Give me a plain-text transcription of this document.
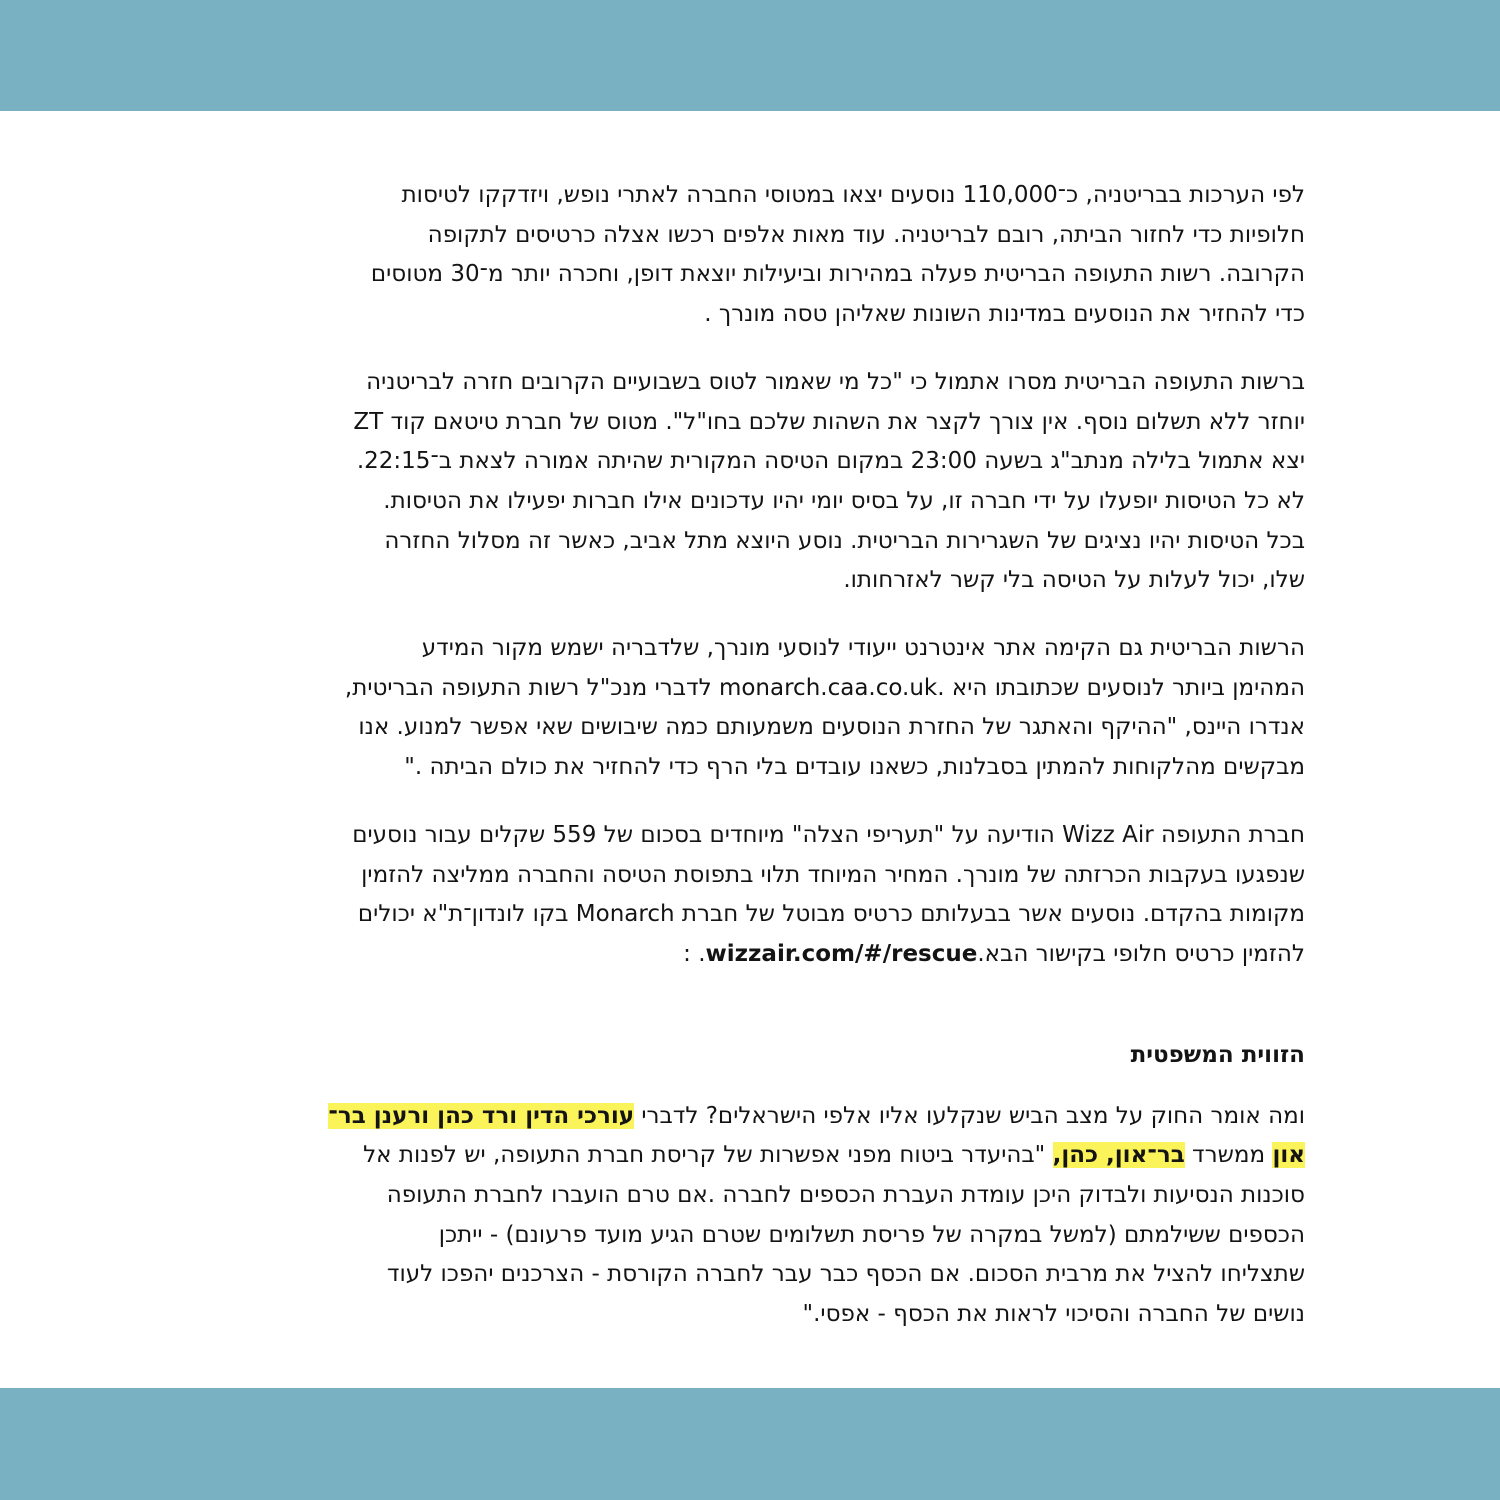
לפי הערכות בבריטניה, כ־110,000 נוסעים יצאו במטוסי החברה לאתרי נופש, ויזדקקו לטיסות
חלופיות כדי לחזור הביתה, רובם לבריטניה. עוד מאות אלפים רכשו אצלה כרטיסים לתקופה
הקרובה. רשות התעופה הבריטית פעלה במהירות וביעילות יוצאת דופן, וחכרה יותר מ־30 מטוסים
כדי להחזיר את הנוסעים במדינות השונות שאליהן טסה מונרך .

ברשות התעופה הבריטית מסרו אתמול כי "כל מי שאמור לטוס בשבועיים הקרובים חזרה לבריטניה
יוחזר ללא תשלום נוסף. אין צורך לקצר את השהות שלכם בחו"ל". מטוס של חברת טיטאם קוד ZT
יצא אתמול בלילה מנתב"ג בשעה 23:00 במקום הטיסה המקורית שהיתה אמורה לצאת ב־22:15.
לא כל הטיסות יופעלו על ידי חברה זו, על בסיס יומי יהיו עדכונים אילו חברות יפעילו את הטיסות.
בכל הטיסות יהיו נציגים של השגרירות הבריטית. נוסע היוצא מתל אביב, כאשר זה מסלול החזרה
שלו, יכול לעלות על הטיסה בלי קשר לאזרחותו.

הרשות הבריטית גם הקימה אתר אינטרנט ייעודי לנוסעי מונרך, שלדבריה ישמש מקור המידע
המהימן ביותר לנוסעים שכתובתו היא .monarch.caa.co.uk לדברי מנכ"ל רשות התעופה הבריטית,
אנדרו היינס, "ההיקף והאתגר של החזרת הנוסעים משמעותם כמה שיבושים שאי אפשר למנוע. אנו
מבקשים מהלקוחות להמתין בסבלנות, כשאנו עובדים בלי הרף כדי להחזיר את כולם הביתה ."

חברת התעופה Wizz Air הודיעה על "תעריפי הצלה" מיוחדים בסכום של 559 שקלים עבור נוסעים
שנפגעו בעקבות הכרזתה של מונרך. המחיר המיוחד תלוי בתפוסת הטיסה והחברה ממליצה להזמין
מקומות בהקדם. נוסעים אשר בבעלותם כרטיס מבוטל של חברת Monarch בקו לונדון־ת"א יכולים
להזמין כרטיס חלופי בקישור הבא.wizzair.com/#/rescue. :

הזווית המשפטית

ומה אומר החוק על מצב הביש שנקלעו אליו אלפי הישראלים? לדברי עורכי הדין ורד כהן ורענן בר־
און ממשרד בר־און, כהן, "בהיעדר ביטוח מפני אפשרות של קריסת חברת התעופה, יש לפנות אל
סוכנות הנסיעות ולבדוק היכן עומדת העברת הכספים לחברה .אם טרם הועברו לחברת התעופה
הכספים ששילמתם (למשל במקרה של פריסת תשלומים שטרם הגיע מועד פרעונם) - ייתכן
שתצליחו להציל את מרבית הסכום. אם הכסף כבר עבר לחברה הקורסת - הצרכנים יהפכו לעוד
נושים של החברה והסיכוי לראות את הכסף - אפסי."
